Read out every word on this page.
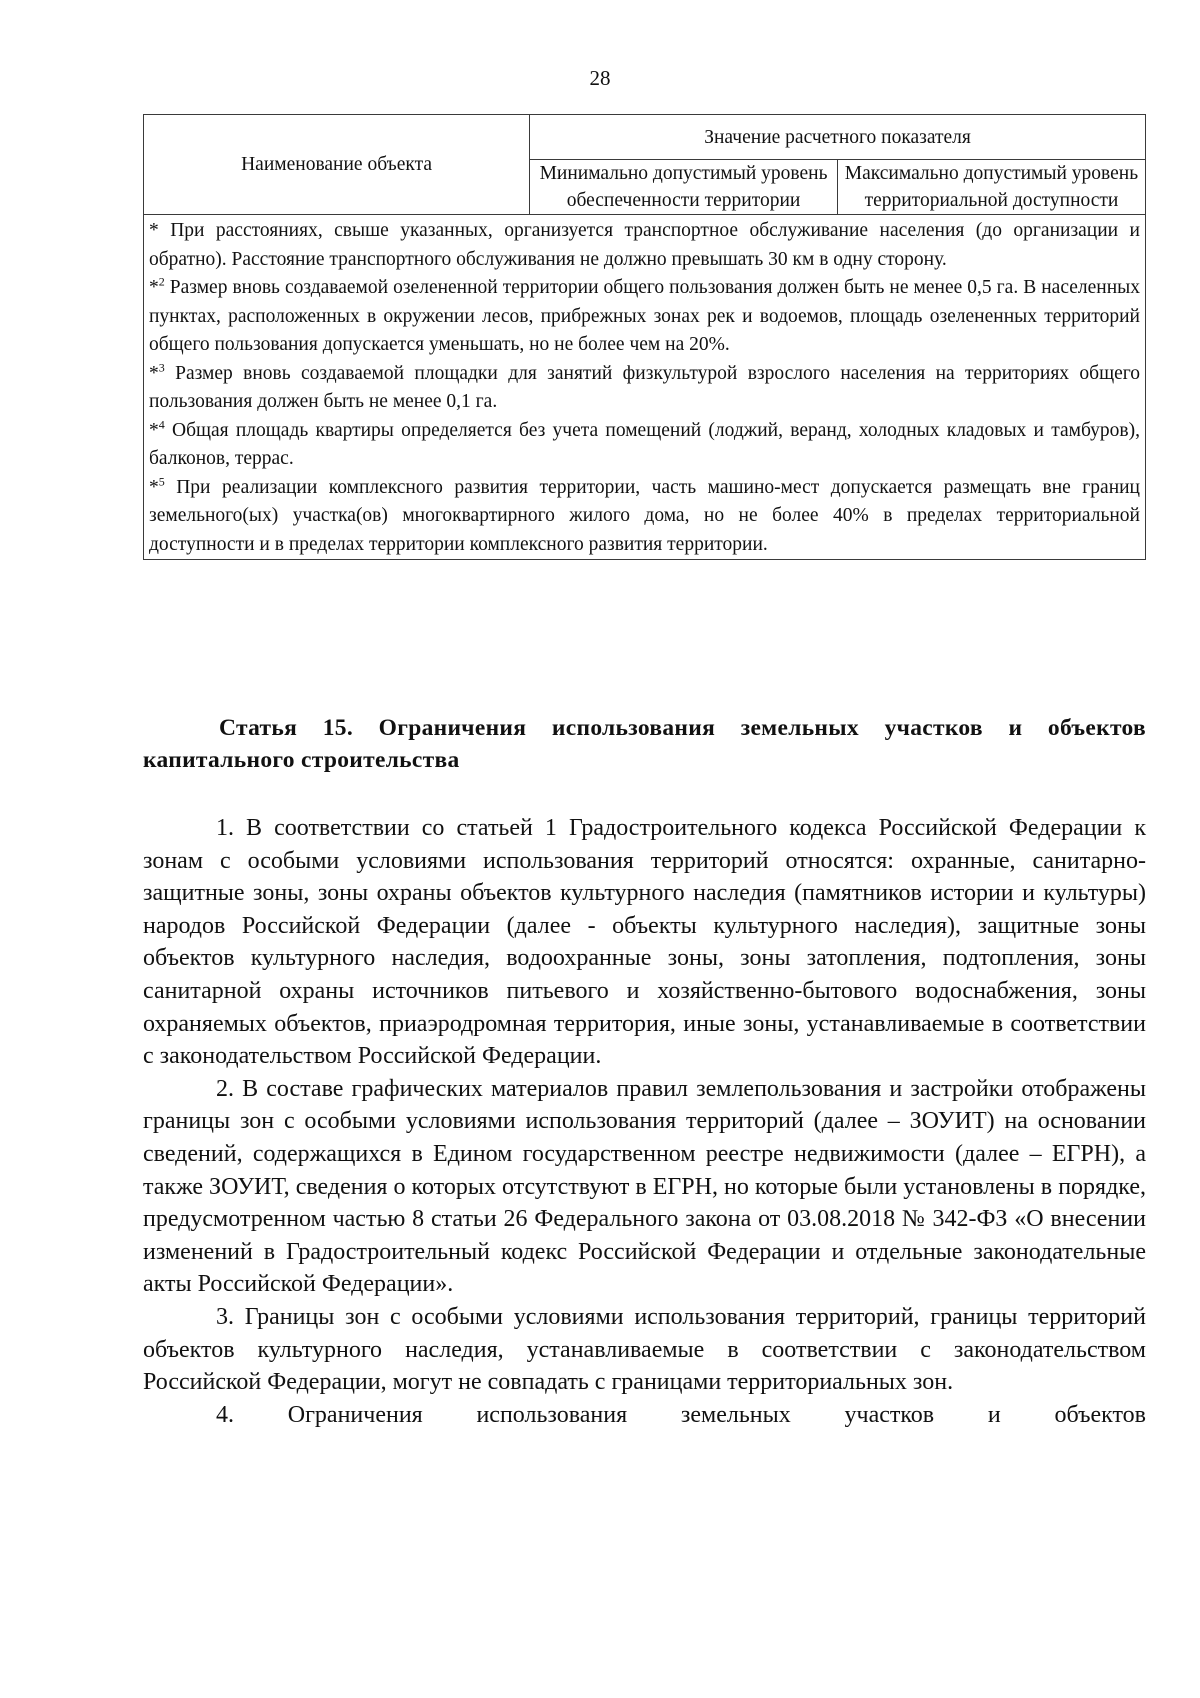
28
Наименование объекта	Значение расчетного показателя	
	Минимально допустимый уровень обеспеченности территории	Максимально допустимый уровень территориальной доступности

* При расстояниях, свыше указанных, организуется транспортное обслуживание населения (до организации и обратно). Расстояние транспортного обслуживания не должно превышать 30 км в одну сторону.

*$^2$ Размер вновь создаваемой озелененной территории общего пользования должен быть не менее 0,5 га. В населенных пунктах, расположенных в окружении лесов, прибрежных зонах рек и водоемов, площадь озелененных территорий общего пользования допускается уменьшать, но не более чем на 20%.

*$^3$ Размер вновь создаваемой площадки для занятий физкультурой взрослого населения на территориях общего пользования должен быть не менее 0,1 га.

*$^4$ Общая площадь квартиры определяется без учета помещений (лоджий, веранд, холодных кладовых и тамбуров), балконов, террас.

*$^5$ При реализации комплексного развития территории, часть машино-мест допускается размещать вне границ земельного(ых) участка(ов) многоквартирного жилого дома, но не более 40% в пределах территориальной доступности и в пределах территории комплексного развития территории.		

Статья 15. Ограничения использования земельных участков и объектов капитального строительства

1. В соответствии со статьей 1 Градостроительного кодекса Российской Федерации к зонам с особыми условиями использования территорий относятся: охранные, санитарно-защитные зоны, зоны охраны объектов культурного наследия (памятников истории и культуры) народов Российской Федерации (далее - объекты культурного наследия), защитные зоны объектов культурного наследия, водоохранные зоны, зоны затопления, подтопления, зоны санитарной охраны источников питьевого и хозяйственно-бытового водоснабжения, зоны охраняемых объектов, приаэродромная территория, иные зоны, устанавливаемые в соответствии с законодательством Российской Федерации.

2. В составе графических материалов правил землепользования и застройки отображены границы зон с особыми условиями использования территорий (далее – ЗОУИТ) на основании сведений, содержащихся в Едином государственном реестре недвижимости (далее – ЕГРН), а также ЗОУИТ, сведения о которых отсутствуют в ЕГРН, но которые были установлены в порядке, предусмотренном частью 8 статьи 26 Федерального закона от 03.08.2018 № 342-ФЗ «О внесении изменений в Градостроительный кодекс Российской Федерации и отдельные законодательные акты Российской Федерации».

3. Границы зон с особыми условиями использования территорий, границы территорий объектов культурного наследия, устанавливаемые в соответствии с законодательством Российской Федерации, могут не совпадать с границами территориальных зон.

4. Ограничения использования земельных участков и объектов
